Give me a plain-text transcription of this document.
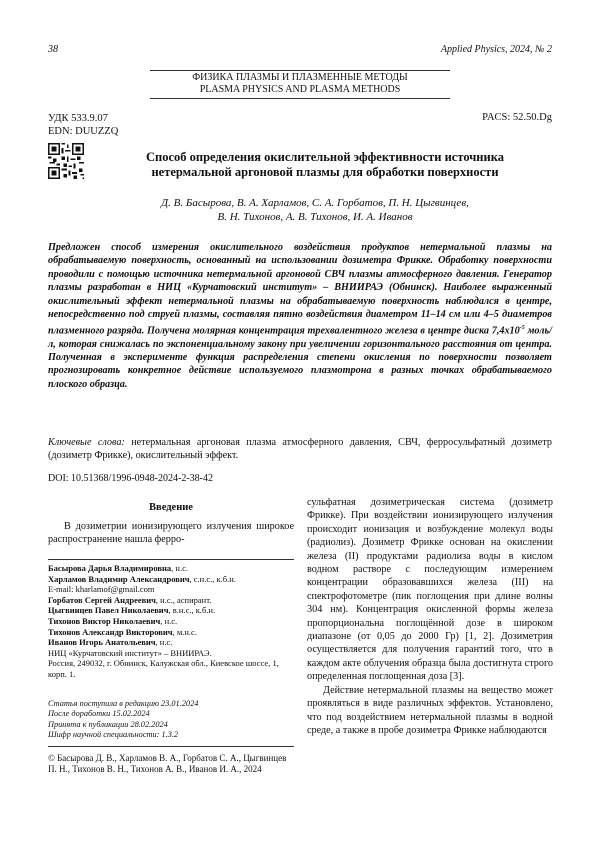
38	Applied Physics, 2024, № 2
ФИЗИКА ПЛАЗМЫ И ПЛАЗМЕННЫЕ МЕТОДЫ
PLASMA PHYSICS AND PLASMA METHODS
УДК 533.9.07
EDN: DUUZZQ
PACS: 52.50.Dg
Способ определения окислительной эффективности источника
нетермальной аргоновой плазмы для обработки поверхности
Д. В. Басырова, В. А. Харламов, С. А. Горбатов, П. Н. Цыгвинцев,
В. Н. Тихонов, А. В. Тихонов, И. А. Иванов
Предложен способ измерения окислительного воздействия продуктов нетермальной плазмы на обрабатываемую поверхность, основанный на использовании дозиметра Фрикке. Обработку поверхности проводили с помощью источника нетермальной аргоновой СВЧ плазмы атмосферного давления. Генератор плазмы разработан в НИЦ «Курчатовский институт» – ВНИИРАЭ (Обнинск). Наиболее выраженный окислительный эффект нетермальной плазмы на обрабатываемую поверхность наблюдался в центре, непосредственно под струей плазмы, составляя пятно воздействия диаметром 11–14 см или 4–5 диаметров плазменного разряда. Получена молярная концентрация трехвалентного железа в центре диска $7,4х10^{-5}$ моль/л, которая снижалась по экспоненциальному закону при увеличении горизонтального расстояния от центра. Полученная в эксперименте функция распределения степени окисления по поверхности позволяет прогнозировать конкретное действие используемого плазмотрона в разных точках обрабатываемого плоского образца.
Ключевые слова: нетермальная аргоновая плазма атмосферного давления, СВЧ, ферросульфатный дозиметр (дозиметр Фрикке), окислительный эффект.
DOI: 10.51368/1996-0948-2024-2-38-42
Введение
В дозиметрии ионизирующего излучения широкое распространение нашла ферро-
Басырова Дарья Владимировна, н.с.
Харламов Владимир Александрович, с.н.с., к.б.н.
E-mail: kharlamof@gmail.com
Горбатов Сергей Андреевич, н.с., аспирант.
Цыгвинцев Павел Николаевич, в.н.с., к.б.н.
Тихонов Виктор Николаевич, н.с.
Тихонов Александр Викторович, м.н.с.
Иванов Игорь Анатольевич, н.с.
НИЦ «Курчатовский институт» – ВНИИРАЭ.
Россия, 249032, г. Обнинск, Калужская обл., Киевское шоссе, 1, корп. 1.
Статья поступила в редакцию 23.01.2024
После доработки 15.02.2024
Принята к публикации 28.02.2024
Шифр научной специальности: 1.3.2
© Басырова Д. В., Харламов В. А., Горбатов С. А., Цыгвинцев П. Н., Тихонов В. Н., Тихонов А. В., Иванов И. А., 2024

сульфатная дозиметрическая система (дозиметр Фрикке). При воздействии ионизирующего излучения происходит ионизация и возбуждение молекул воды (радиолиз). Дозиметр Фрикке основан на окислении железа (II) продуктами радиолиза воды в кислом водном растворе с последующим измерением концентрации образовавшихся железа (III) на спектрофотометре (пик поглощения при длине волны 304 нм). Концентрация окисленной формы железа пропорциональна поглощённой дозе в широком диапазоне (от 0,05 до 2000 Гр) [1, 2]. Дозиметрия осуществляется для получения гарантий того, что в каждом акте облучения образца была достигнута строго определенная поглощенная доза [3].

Действие нетермальной плазмы на вещество может проявляться в виде различных эффектов. Установлено, что под воздействием нетермальной плазмы в водной среде, а также в пробе дозиметра Фрикке наблюдаются
